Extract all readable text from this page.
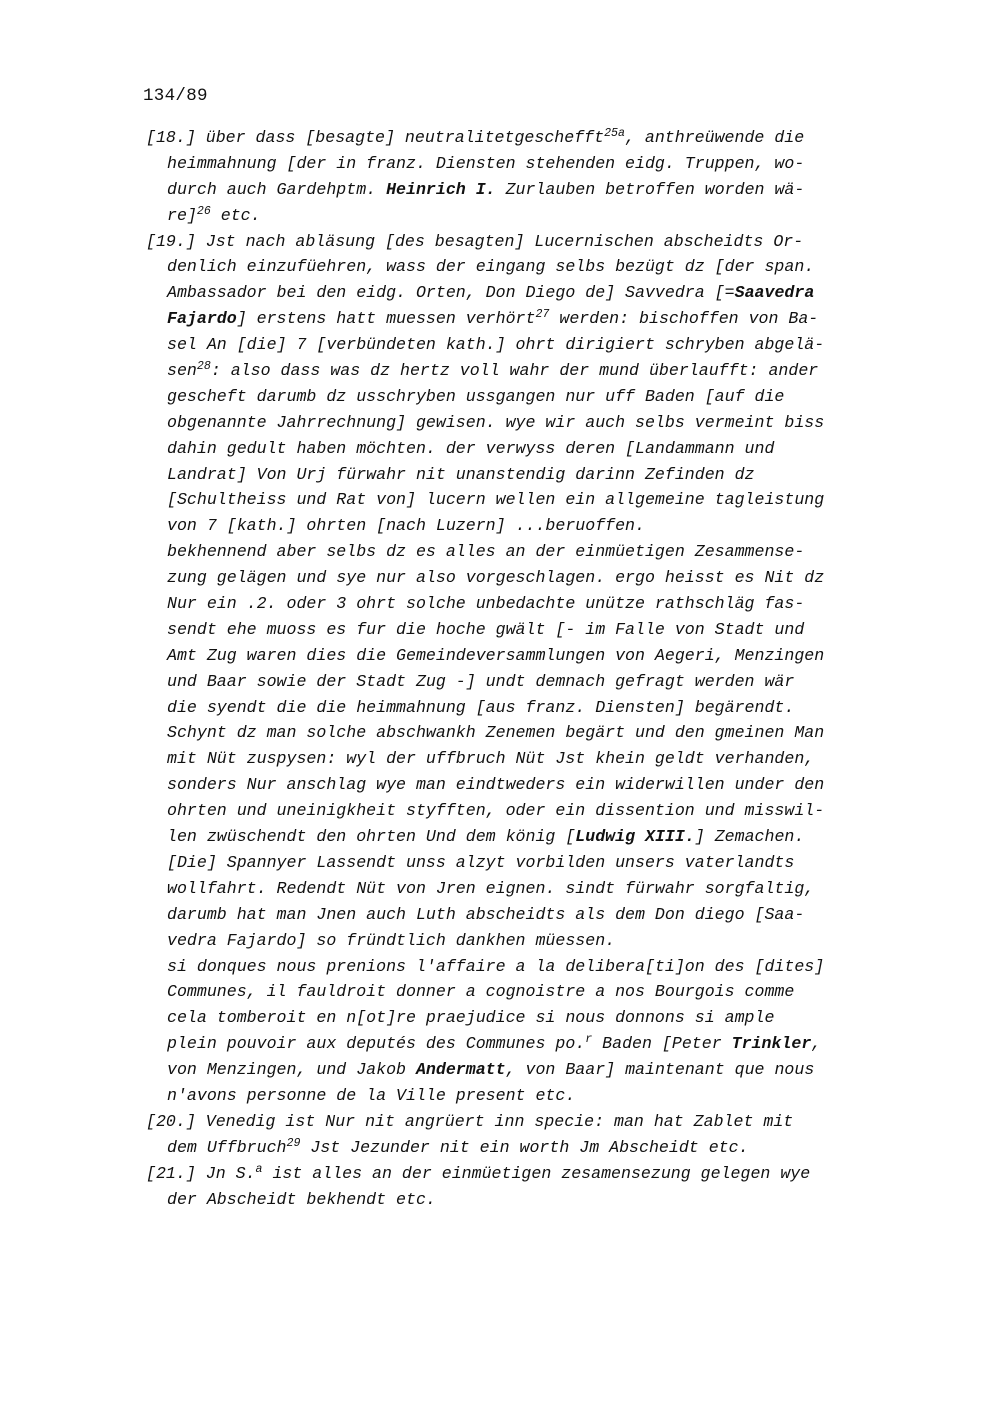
134/89
[18.] über dass [besagte] neutralitetgeschefft$^{25a}$, anthreüwende die
heimmahnung [der in franz. Diensten stehenden eidg. Truppen, wo-
durch auch Gardehptm. Heinrich I. Zurlauben betroffen worden wä-
re]$^{26}$ etc.
[19.] Jst nach abläsung [des besagten] Lucernischen abscheidts Or-
denlich einzufüehren, wass der eingang selbs bezügt dz [der span.
Ambassador bei den eidg. Orten, Don Diego de] Savvedra [=Saavedra
Fajardo] erstens hatt muessen verhört$^{27}$ werden: bischoffen von Ba-
sel An [die] 7 [verbündeten kath.] ohrt dirigiert schryben abgelä-
sen$^{28}$: also dass was dz hertz voll wahr der mund überlaufft: ander
gescheft darumb dz usschryben ussgangen nur uff Baden [auf die
obgenannte Jahrrechnung] gewisen. wye wir auch selbs vermeint biss
dahin gedult haben möchten. der verwyss deren [Landammann und
Landrat] Von Urj fürwahr nit unanstendig darinn Zefinden dz
[Schultheiss und Rat von] lucern wellen ein allgemeine tagleistung
von 7 [kath.] ohrten [nach Luzern] ...beruoffen.
bekhennend aber selbs dz es alles an der einmüetigen Zesammense-
zung gelägen und sye nur also vorgeschlagen. ergo heisst es Nit dz
Nur ein .2. oder 3 ohrt solche unbedachte unütze rathschläg fas-
sendt ehe muoss es fur die hoche gwält [- im Falle von Stadt und
Amt Zug waren dies die Gemeindeversammlungen von Aegeri, Menzingen
und Baar sowie der Stadt Zug -] undt demnach gefragt werden wär
die syendt die die heimmahnung [aus franz. Diensten] begärendt.
Schynt dz man solche abschwankh Zenemen begärt und den gmeinen Man
mit Nüt zuspysen: wyl der uffbruch Nüt Jst khein geldt verhanden,
sonders Nur anschlag wye man eindtweders ein widerwillen under den
ohrten und uneinigkheit styfften, oder ein dissention und misswil-
len zwüschendt den ohrten Und dem könig [Ludwig XIII.] Zemachen.
[Die] Spannyer Lassendt unss alzyt vorbilden unsers vaterlandts
wollfahrt. Redendt Nüt von Jren eignen. sindt fürwahr sorgfaltig,
darumb hat man Jnen auch Luth abscheidts als dem Don diego [Saa-
vedra Fajardo] so fründtlich dankhen müessen.
si donques nous prenions l'affaire a la delibera[ti]on des [dites]
Communes, il fauldroit donner a cognoistre a nos Bourgois comme
cela tomberoit en n[ot]re praejudice si nous donnons si ample
plein pouvoir aux deputés des Communes po.$^r$ Baden [Peter Trinkler,
von Menzingen, und Jakob Andermatt, von Baar] maintenant que nous
n'avons personne de la Ville present etc.
[20.] Venedig ist Nur nit angrüert inn specie: man hat Zablet mit
dem Uffbruch$^{29}$ Jst Jezunder nit ein worth Jm Abscheidt etc.
[21.] Jn S.$^a$ ist alles an der einmüetigen zesamensezung gelegen wye
der Abscheidt bekhendt etc.
